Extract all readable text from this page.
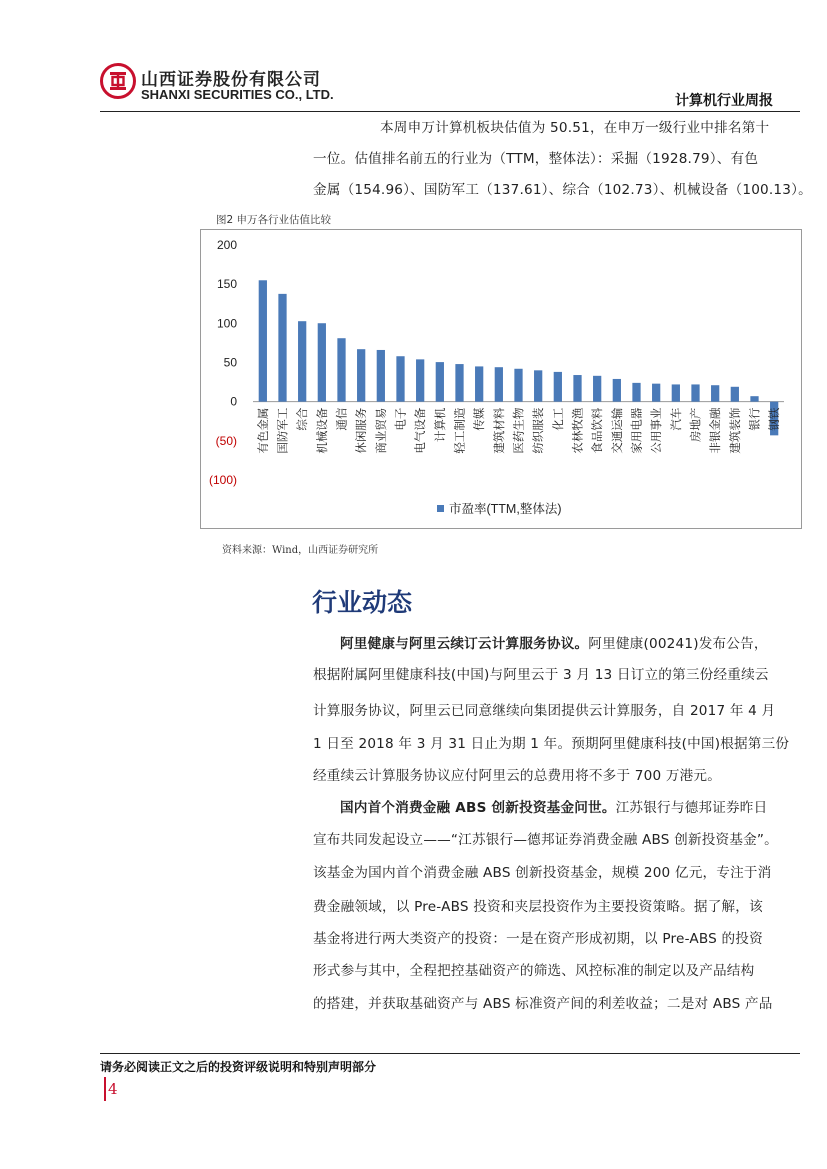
山西证券股份有限公司
SHANXI SECURITIES CO., LTD.	计算机行业周报
本周申万计算机板块估值为 50.51，在申万一级行业中排名第十
一位。估值排名前五的行业为（TTM，整体法）：采掘（1928.79）、有色
金属（154.96）、国防军工（137.61）、综合（102.73）、机械设备（100.13）。
图2 申万各行业估值比较
(100)
(50)
0
50
100
150
200
有色金属 国防军工 综合 机械设备 通信 休闲服务 商业贸易 电子 电气设备 计算机 轻工制造 传媒 建筑材料 医药生物 纺织服装 化工 农林牧渔 食品饮料 交通运输 家用电器 公用事业 汽车 房地产 非银金融 建筑装饰 银行 钢铁
市盈率(TTM,整体法)
资料来源：Wind，山西证券研究所
行业动态
阿里健康与阿里云续订云计算服务协议。阿里健康(00241)发布公告，
根据附属阿里健康科技(中国)与阿里云于 3 月 13 日订立的第三份经重续云
计算服务协议，阿里云已同意继续向集团提供云计算服务，自 2017 年 4 月
1 日至 2018 年 3 月 31 日止为期 1 年。预期阿里健康科技(中国)根据第三份
经重续云计算服务协议应付阿里云的总费用将不多于 700 万港元。
国内首个消费金融 ABS 创新投资基金问世。江苏银行与德邦证券昨日
宣布共同发起设立——“江苏银行—德邦证券消费金融 ABS 创新投资基金”。
该基金为国内首个消费金融 ABS 创新投资基金，规模 200 亿元，专注于消
费金融领域，以 Pre-ABS 投资和夹层投资作为主要投资策略。据了解，该
基金将进行两大类资产的投资：一是在资产形成初期，以 Pre-ABS 的投资
形式参与其中，全程把控基础资产的筛选、风控标准的制定以及产品结构
的搭建，并获取基础资产与 ABS 标准资产间的利差收益；二是对 ABS 产品
请务必阅读正文之后的投资评级说明和特别声明部分
4
